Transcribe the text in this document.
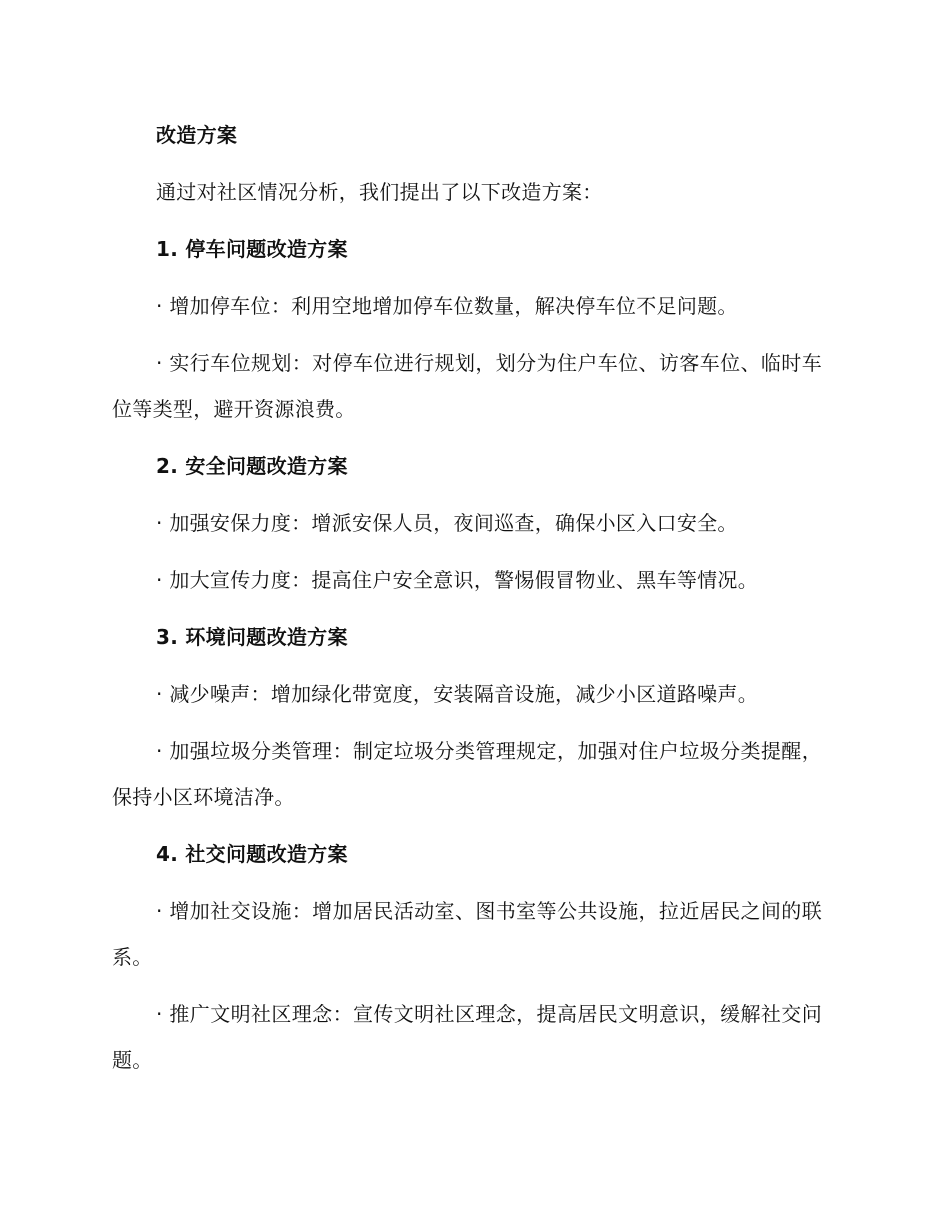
改造方案

通过对社区情况分析，我们提出了以下改造方案：

1. 停车问题改造方案

· 增加停车位：利用空地增加停车位数量，解决停车位不足问题。

· 实行车位规划：对停车位进行规划，划分为住户车位、访客车位、临时车位等类型，避开资源浪费。

2. 安全问题改造方案

· 加强安保力度：增派安保人员，夜间巡查，确保小区入口安全。

· 加大宣传力度：提高住户安全意识，警惕假冒物业、黑车等情况。

3. 环境问题改造方案

· 减少噪声：增加绿化带宽度，安装隔音设施，减少小区道路噪声。

· 加强垃圾分类管理：制定垃圾分类管理规定，加强对住户垃圾分类提醒，保持小区环境洁净。

4. 社交问题改造方案

· 增加社交设施：增加居民活动室、图书室等公共设施，拉近居民之间的联系。

· 推广文明社区理念：宣传文明社区理念，提高居民文明意识，缓解社交问题。
